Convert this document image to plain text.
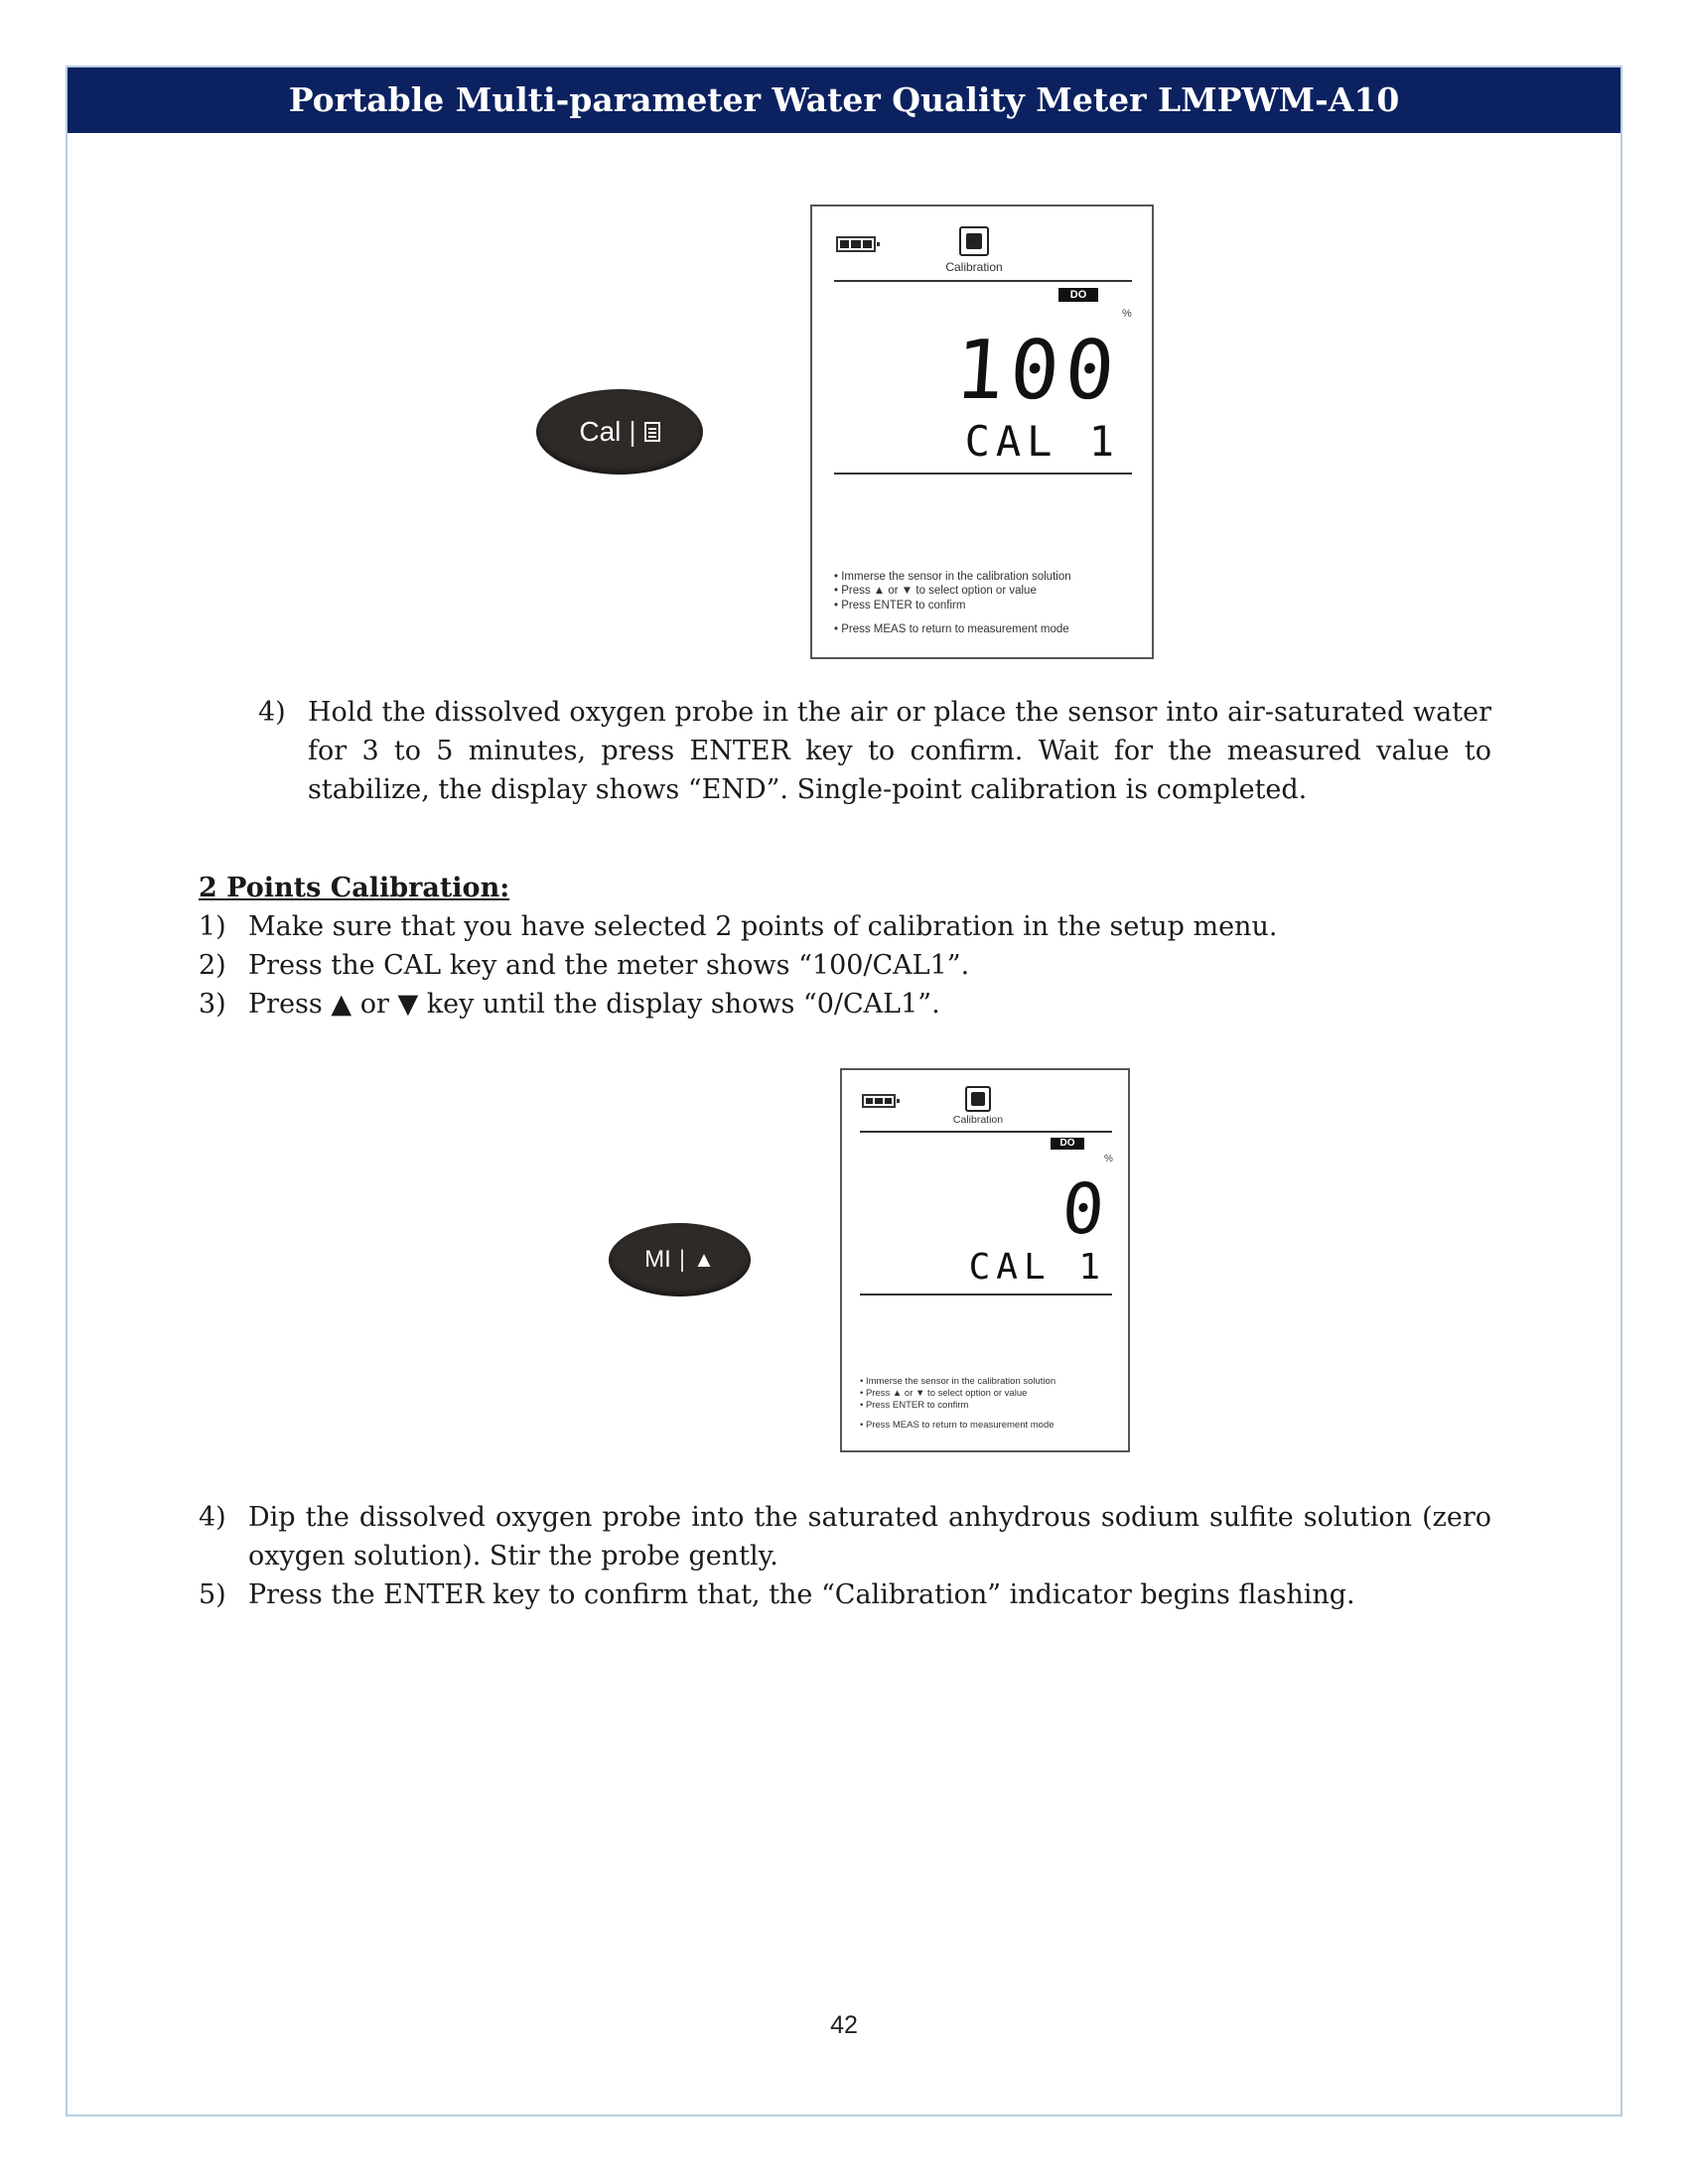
Portable Multi-parameter Water Quality Meter LMPWM-A10
Cal |
Calibration
DO
%
100
CAL 1
• Immerse the sensor in the calibration solution
• Press ▲ or ▼ to select option or value
• Press ENTER to confirm
• Press MEAS to return to measurement mode
4) Hold the dissolved oxygen probe in the air or place the sensor into air-saturated water for 3 to 5 minutes, press ENTER key to confirm. Wait for the measured value to stabilize, the display shows “END”. Single-point calibration is completed.
2 Points Calibration:
1) Make sure that you have selected 2 points of calibration in the setup menu.
2) Press the CAL key and the meter shows “100/CAL1”.
3) Press ▲ or ▼ key until the display shows “0/CAL1”.
MI | ▲
Calibration
DO
%
0
CAL 1
• Immerse the sensor in the calibration solution
• Press ▲ or ▼ to select option or value
• Press ENTER to confirm
• Press MEAS to return to measurement mode
4) Dip the dissolved oxygen probe into the saturated anhydrous sodium sulfite solution (zero oxygen solution). Stir the probe gently.
5) Press the ENTER key to confirm that, the “Calibration” indicator begins flashing.
42
